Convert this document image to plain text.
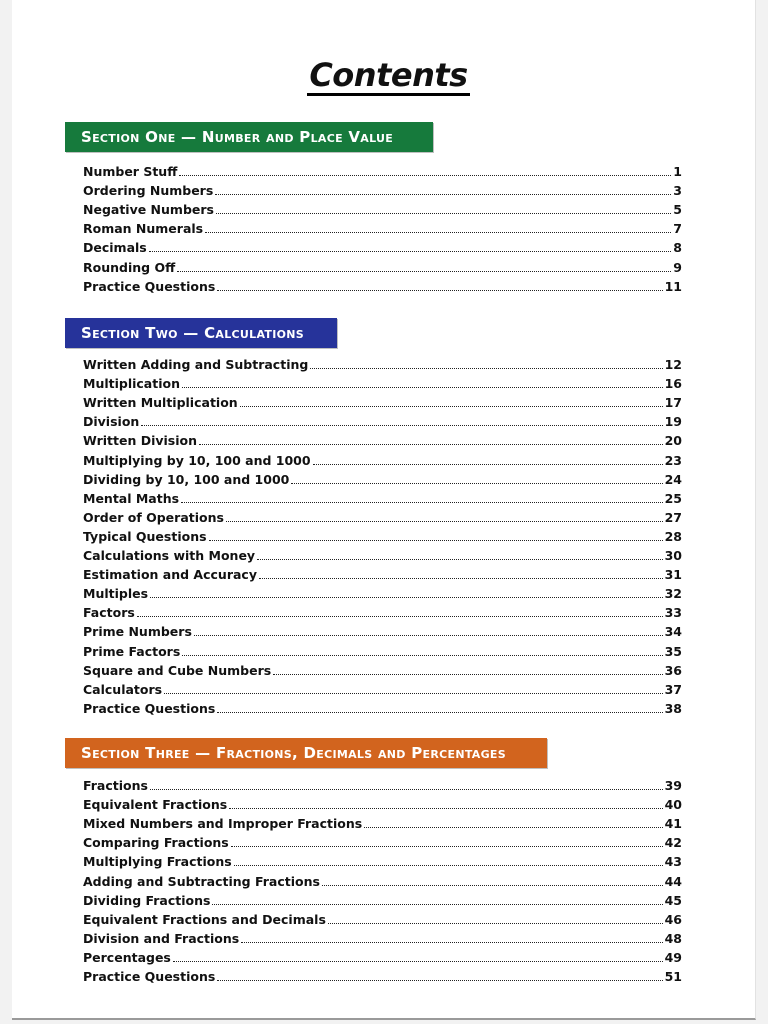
Contents
Section One — Number and Place Value
Number Stuff	1
Ordering Numbers	3
Negative Numbers	5
Roman Numerals	7
Decimals	8
Rounding Off	9
Practice Questions	11
Section Two — Calculations
Written Adding and Subtracting	12
Multiplication	16
Written Multiplication	17
Division	19
Written Division	20
Multiplying by 10, 100 and 1000	23
Dividing by 10, 100 and 1000	24
Mental Maths	25
Order of Operations	27
Typical Questions	28
Calculations with Money	30
Estimation and Accuracy	31
Multiples	32
Factors	33
Prime Numbers	34
Prime Factors	35
Square and Cube Numbers	36
Calculators	37
Practice Questions	38
Section Three — Fractions, Decimals and Percentages
Fractions	39
Equivalent Fractions	40
Mixed Numbers and Improper Fractions	41
Comparing Fractions	42
Multiplying Fractions	43
Adding and Subtracting Fractions	44
Dividing Fractions	45
Equivalent Fractions and Decimals	46
Division and Fractions	48
Percentages	49
Practice Questions	51
